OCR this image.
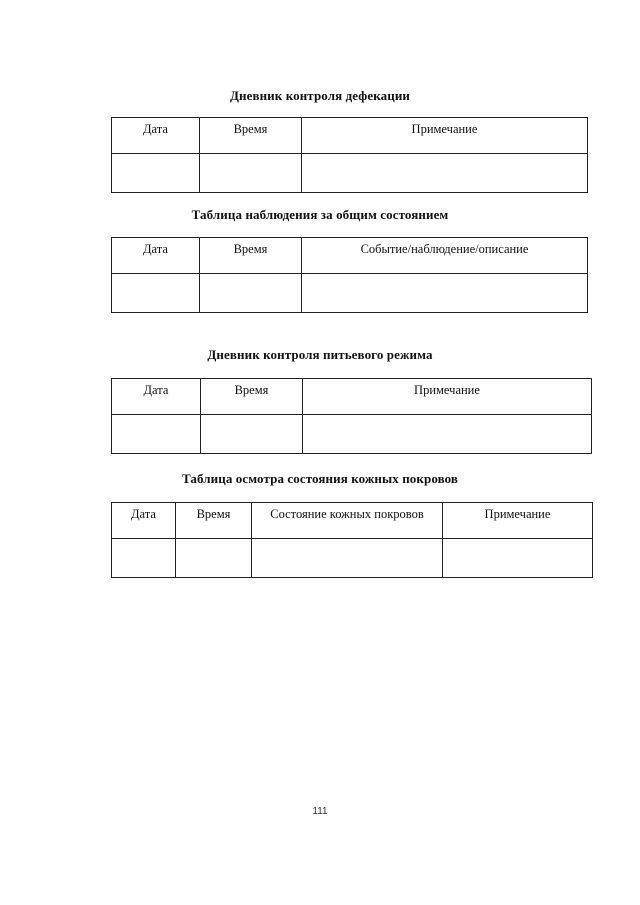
Дневник контроля дефекации
Дата	Время	Примечание

Таблица наблюдения за общим состоянием
Дата	Время	Событие/наблюдение/описание

Дневник контроля питьевого режима
Дата	Время	Примечание

Таблица осмотра состояния кожных покровов
Дата	Время	Состояние кожных покровов	Примечание

111
